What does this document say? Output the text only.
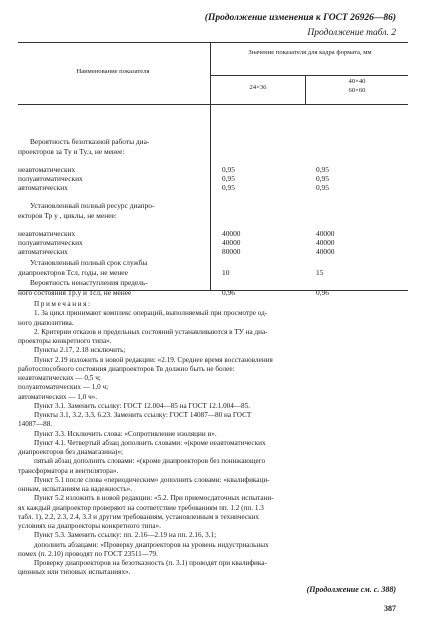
(Продолжение изменения к ГОСТ 26926—86)
Продолжение табл. 2
Наименование показателя
Значение показателя для кадра формата, мм
24×36
40×40
60×60
Вероятность безотказной работы диа-
проекторов за Ту и Ту.з, не менее:
неавтоматических	0,95	0,95
полуавтоматических	0,95	0,95
автоматических	0,95	0,95
Установленный полный ресурс диапро-
екторов Тр у , циклы, не менее:
неавтоматических	40000	40000
полуавтоматических	40000	40000
автоматических	80000	40000
Установленный полный срок службы
диапроекторов Тсл, годы, не менее	10	15
Вероятность ненаступления предель-
ного состояния Тр.у и Тсл, не менее	0,96	0,96

Примечания:

1. За цикл принимают комплекс операций, выполняемый при просмотре од-

ного диапозитива.

2. Критерии отказов и предельных состояний устанавливаются в ТУ на диа-

проекторы конкретного типа».

Пункты 2.17, 2.18 исключить;

Пункт 2.19 изложить в новой редакции: «2.19. Среднее время восстановления

работоспособного состояния диапроекторов Тв должно быть не более:

неавтоматических — 0,5 ч;

полуавтоматических — 1,0 ч;

автоматических — 1,0 ч».

Пункт 3.1. Заменить ссылку: ГОСТ 12.004—85 на ГОСТ 12.1.004—85.

Пункты 3.1, 3.2, 3.3, 6.23. Заменить ссылку: ГОСТ 14087—80 на ГОСТ

14087—88.

Пункт 3.3. Исключить слова: «Сопротивление изоляции и».

Пункт 4.1. Четвертый абзац дополнить словами: «(кроме неавтоматических

диапроекторов без диамагазина)»;

пятый абзац дополнить словами: «(кроме диапроекторов без понижающего

трансформатора и вентилятора».

Пункт 5.1 после слова «периодическим» дополнить словами: «квалификаци-

онным, испытаниям на надежность».

Пункт 5.2 изложить в новой редакции: «5.2. При приемосдаточных испытани-

ях каждый диапроектор проверяют на соответствие требованиям пп. 1.2 (пп. 1.3

табл. 1), 2.2, 2.3, 2.4, 3.3 и другим требованиям, установленным в технических

условиях на диапроекторы конкретного типа».

Пункт 5.3. Заменить ссылку: пп. 2.16—2.19 на пп. 2.16, 3.1;

дополнить абзацами: «Проверку диапроекторов на уровень индустриальных

помех (п. 2.10) проводят по ГОСТ 23511—79.

Проверку диапроекторов на безотказность (п. 3.1) проводят при квалифика-

ционных или типовых испытаниях».

(Продолжение см. с. 388)
387
